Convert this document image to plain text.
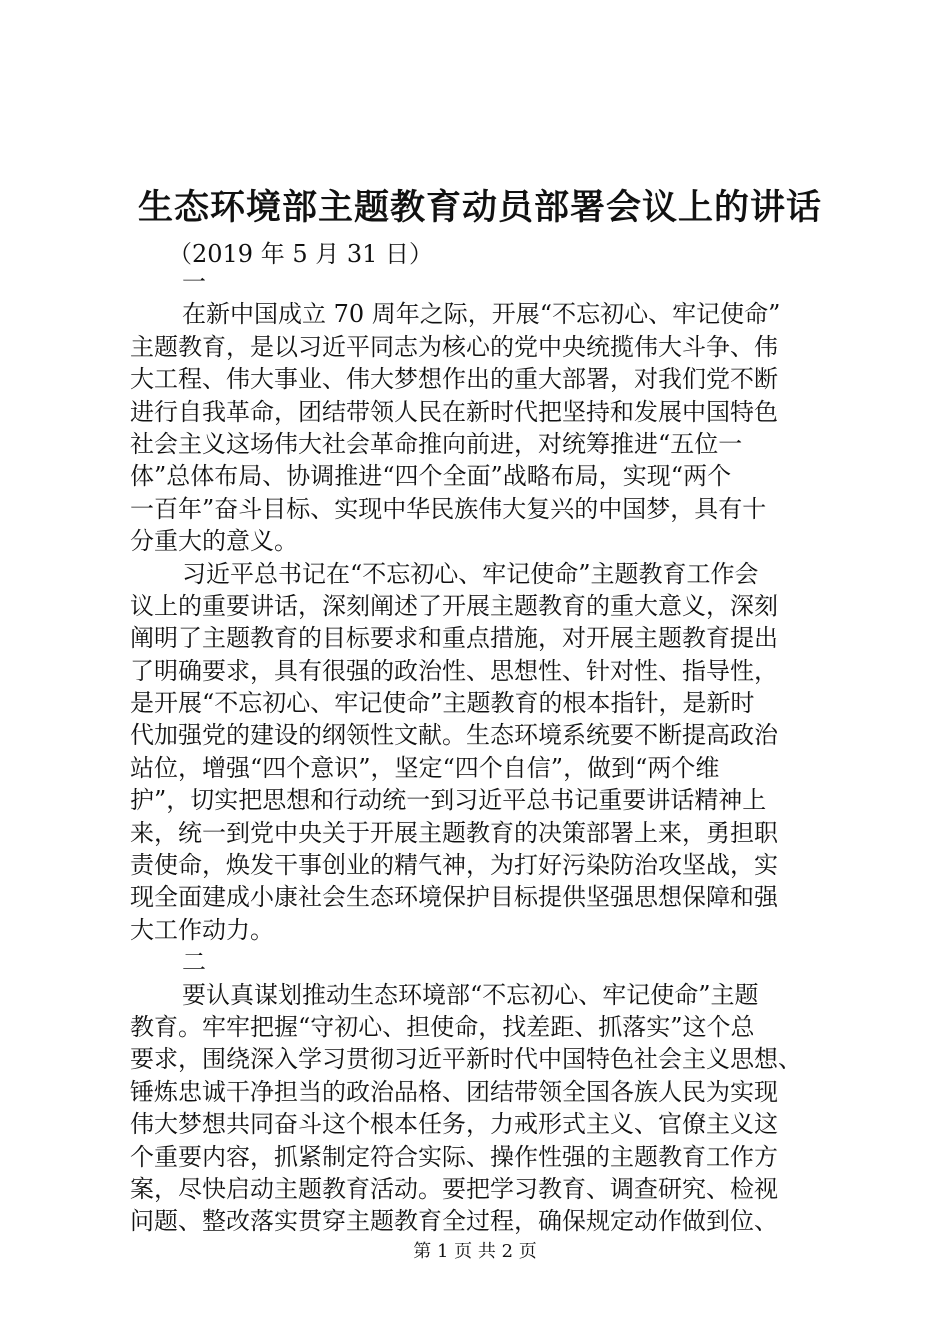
生态环境部主题教育动员部署会议上的讲话
（2019 年 5 月 31 日）
一
在新中国成立 70 周年之际，开展“不忘初心、牢记使命”
主题教育，是以习近平同志为核心的党中央统揽伟大斗争、伟
大工程、伟大事业、伟大梦想作出的重大部署，对我们党不断
进行自我革命，团结带领人民在新时代把坚持和发展中国特色
社会主义这场伟大社会革命推向前进，对统筹推进“五位一
体”总体布局、协调推进“四个全面”战略布局，实现“两个
一百年”奋斗目标、实现中华民族伟大复兴的中国梦，具有十
分重大的意义。
习近平总书记在“不忘初心、牢记使命”主题教育工作会
议上的重要讲话，深刻阐述了开展主题教育的重大意义，深刻
阐明了主题教育的目标要求和重点措施，对开展主题教育提出
了明确要求，具有很强的政治性、思想性、针对性、指导性，
是开展“不忘初心、牢记使命”主题教育的根本指针，是新时
代加强党的建设的纲领性文献。生态环境系统要不断提高政治
站位，增强“四个意识”，坚定“四个自信”，做到“两个维
护”，切实把思想和行动统一到习近平总书记重要讲话精神上
来，统一到党中央关于开展主题教育的决策部署上来，勇担职
责使命，焕发干事创业的精气神，为打好污染防治攻坚战，实
现全面建成小康社会生态环境保护目标提供坚强思想保障和强
大工作动力。
二
要认真谋划推动生态环境部“不忘初心、牢记使命”主题
教育。牢牢把握“守初心、担使命，找差距、抓落实”这个总
要求，围绕深入学习贯彻习近平新时代中国特色社会主义思想、
锤炼忠诚干净担当的政治品格、团结带领全国各族人民为实现
伟大梦想共同奋斗这个根本任务，力戒形式主义、官僚主义这
个重要内容，抓紧制定符合实际、操作性强的主题教育工作方
案，尽快启动主题教育活动。要把学习教育、调查研究、检视
问题、整改落实贯穿主题教育全过程，确保规定动作做到位、
第 1 页 共 2 页
